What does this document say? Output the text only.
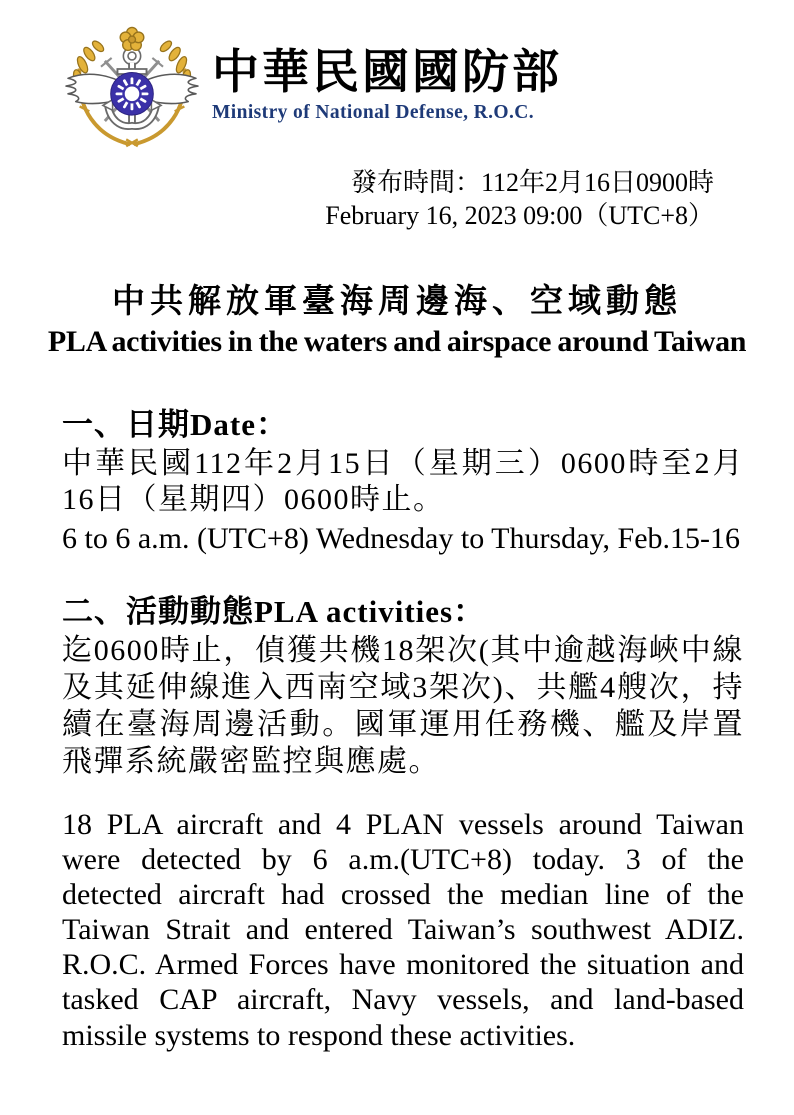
中華民國國防部
Ministry of National Defense, R.O.C.
發布時間：112年2月16日0900時
February 16, 2023 09:00（UTC+8）
中共解放軍臺海周邊海、空域動態
PLA activities in the waters and airspace around Taiwan
一、日期Date：

中華民國112年2月15日（星期三）0600時至2月16日（星期四）0600時止。

6 to 6 a.m. (UTC+8) Wednesday to Thursday, Feb.15-16

二、活動動態PLA activities：

迄0600時止，偵獲共機18架次(其中逾越海峽中線及其延伸線進入西南空域3架次)、共艦4艘次，持續在臺海周邊活動。國軍運用任務機、艦及岸置飛彈系統嚴密監控與應處。

18 PLA aircraft and 4 PLAN vessels around Taiwan were detected by 6 a.m.(UTC+8) today. 3 of the detected aircraft had crossed the median line of the Taiwan Strait and entered Taiwan’s southwest ADIZ. R.O.C. Armed Forces have monitored the situation and tasked CAP aircraft, Navy vessels, and land-based missile systems to respond these activities.
